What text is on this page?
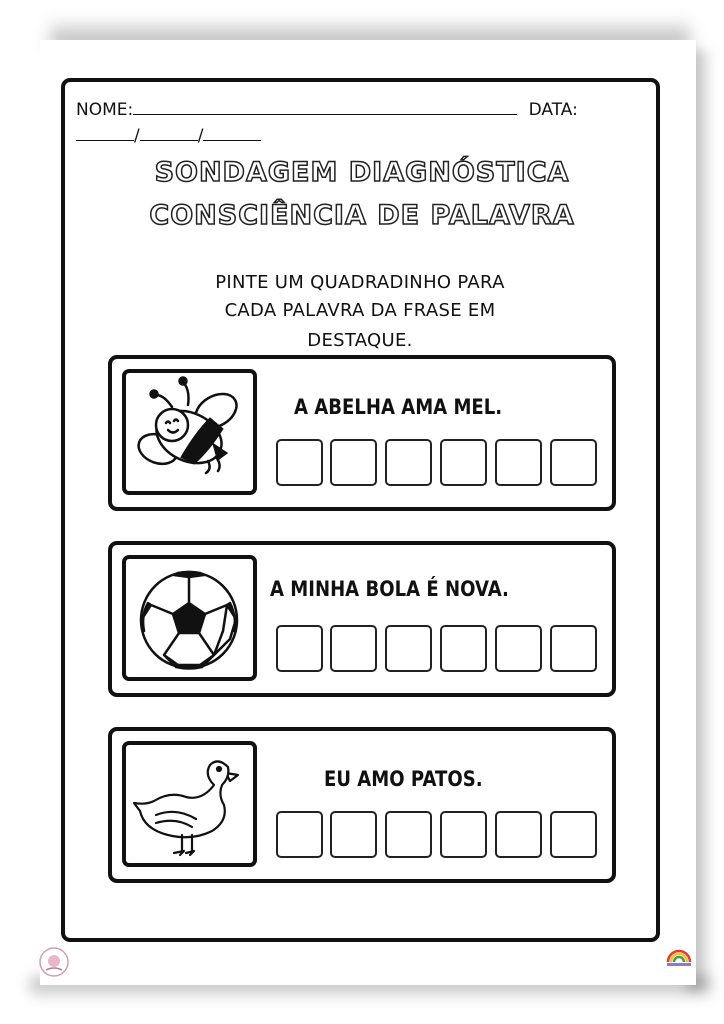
NOME:	DATA:
/	/
SONDAGEM DIAGNÓSTICA
CONSCIÊNCIA DE PALAVRA
PINTE UM QUADRADINHO PARA
CADA PALAVRA DA FRASE EM
DESTAQUE.
A ABELHA AMA MEL.
A MINHA BOLA É NOVA.
EU AMO PATOS.
